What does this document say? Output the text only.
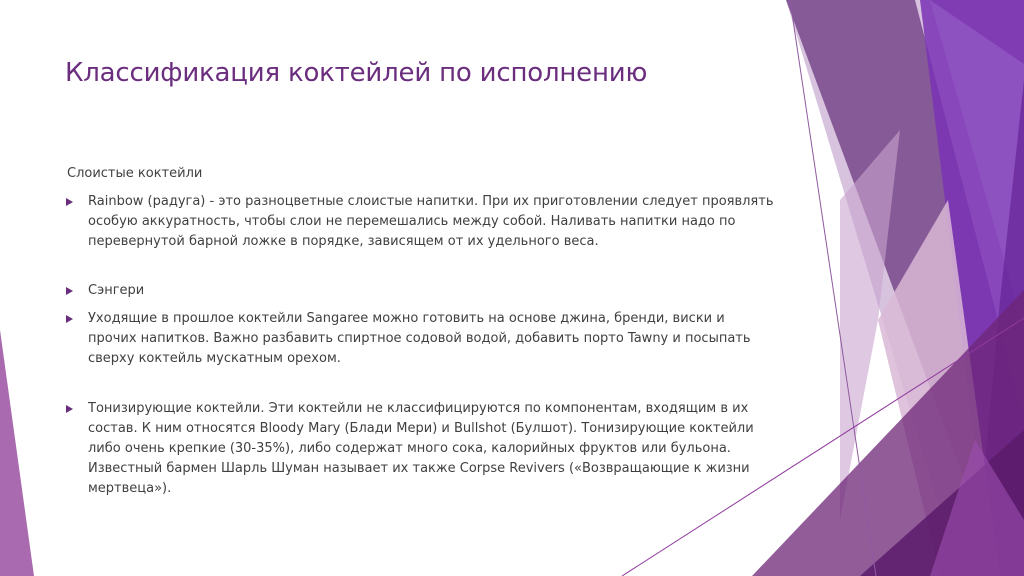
Классификация коктейлей по исполнению

Слоистые коктейли

Rainbow (радуга) - это разноцветные слоистые напитки. При их приготовлении следует проявлять особую аккуратность, чтобы слои не перемешались между собой. Наливать напитки надо по перевернутой барной ложке в порядке, зависящем от их удельного веса.
Сэнгери
Уходящие в прошлое коктейли Sangaree можно готовить на основе джина, бренди, виски и прочих напитков. Важно разбавить спиртное содовой водой, добавить порто Tawny и посыпать сверху коктейль мускатным орехом.
Тонизирующие коктейли. Эти коктейли не классифицируются по компонентам, входящим в их состав. К ним относятся Bloody Mary (Блади Мери) и Bullshot (Булшот). Тонизирующие коктейли либо очень крепкие (30-35%), либо содержат много сока, калорийных фруктов или бульона. Известный бармен Шарль Шуман называет их также Corpse Revivers («Возвращающие к жизни мертвеца»).
